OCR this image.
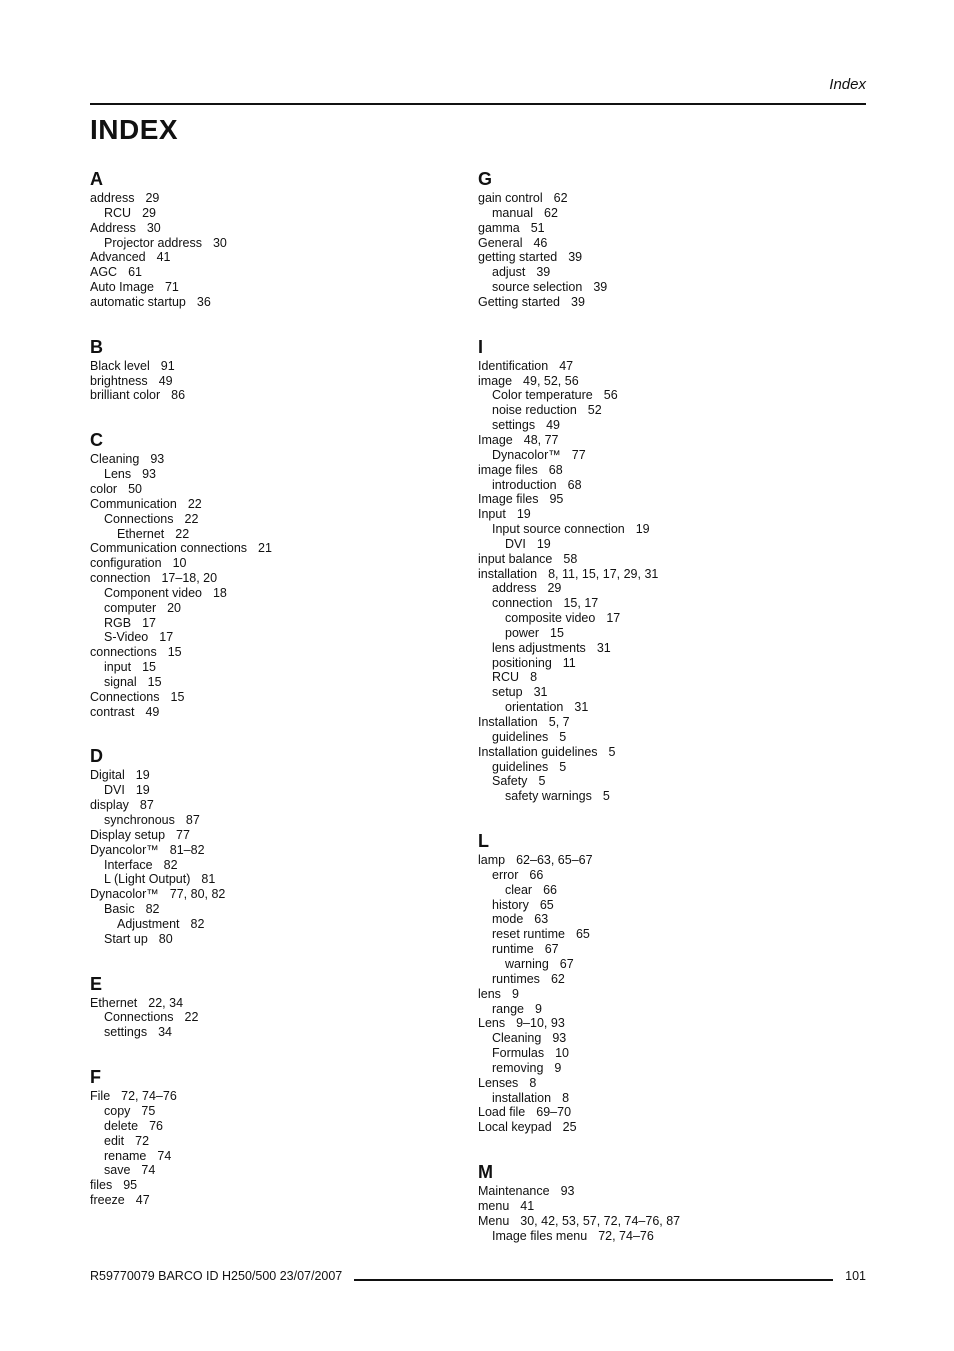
Index
INDEX
A
address 29
RCU 29
Address 30
Projector address 30
Advanced 41
AGC 61
Auto Image 71
automatic startup 36
B
Black level 91
brightness 49
brilliant color 86
C
Cleaning 93
Lens 93
color 50
Communication 22
Connections 22
Ethernet 22
Communication connections 21
configuration 10
connection 17–18, 20
Component video 18
computer 20
RGB 17
S-Video 17
connections 15
input 15
signal 15
Connections 15
contrast 49
D
Digital 19
DVI 19
display 87
synchronous 87
Display setup 77
Dyancolor™ 81–82
Interface 82
L (Light Output) 81
Dynacolor™ 77, 80, 82
Basic 82
Adjustment 82
Start up 80
E
Ethernet 22, 34
Connections 22
settings 34
F
File 72, 74–76
copy 75
delete 76
edit 72
rename 74
save 74
files 95
freeze 47
G
gain control 62
manual 62
gamma 51
General 46
getting started 39
adjust 39
source selection 39
Getting started 39
I
Identification 47
image 49, 52, 56
Color temperature 56
noise reduction 52
settings 49
Image 48, 77
Dynacolor™ 77
image files 68
introduction 68
Image files 95
Input 19
Input source connection 19
DVI 19
input balance 58
installation 8, 11, 15, 17, 29, 31
address 29
connection 15, 17
composite video 17
power 15
lens adjustments 31
positioning 11
RCU 8
setup 31
orientation 31
Installation 5, 7
guidelines 5
Installation guidelines 5
guidelines 5
Safety 5
safety warnings 5
L
lamp 62–63, 65–67
error 66
clear 66
history 65
mode 63
reset runtime 65
runtime 67
warning 67
runtimes 62
lens 9
range 9
Lens 9–10, 93
Cleaning 93
Formulas 10
removing 9
Lenses 8
installation 8
Load file 69–70
Local keypad 25
M
Maintenance 93
menu 41
Menu 30, 42, 53, 57, 72, 74–76, 87
Image files menu 72, 74–76
R59770079 BARCO ID H250/500 23/07/2007	101
